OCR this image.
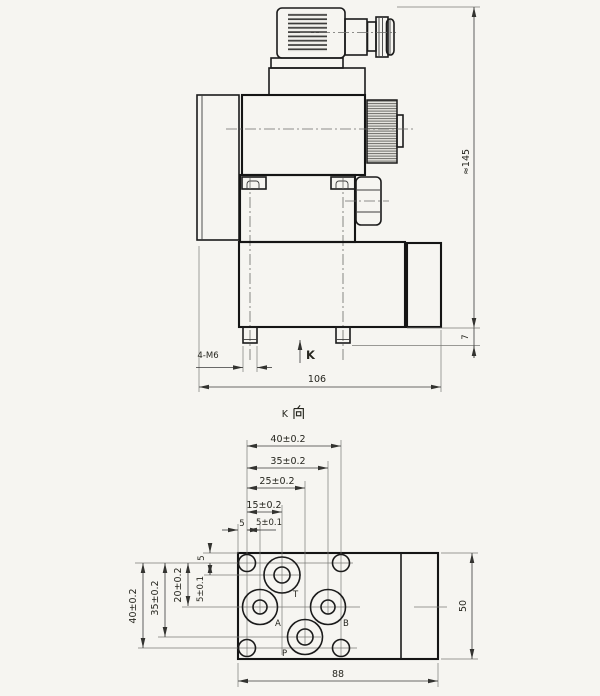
≈145
7
106
4-M6	K
K
T
A	B
P
40±0.2
35±0.2
25±0.2
15±0.2
5 5±0.1
40±0.2 35±0.2 20±0.2
5
5±0.1
88
50
